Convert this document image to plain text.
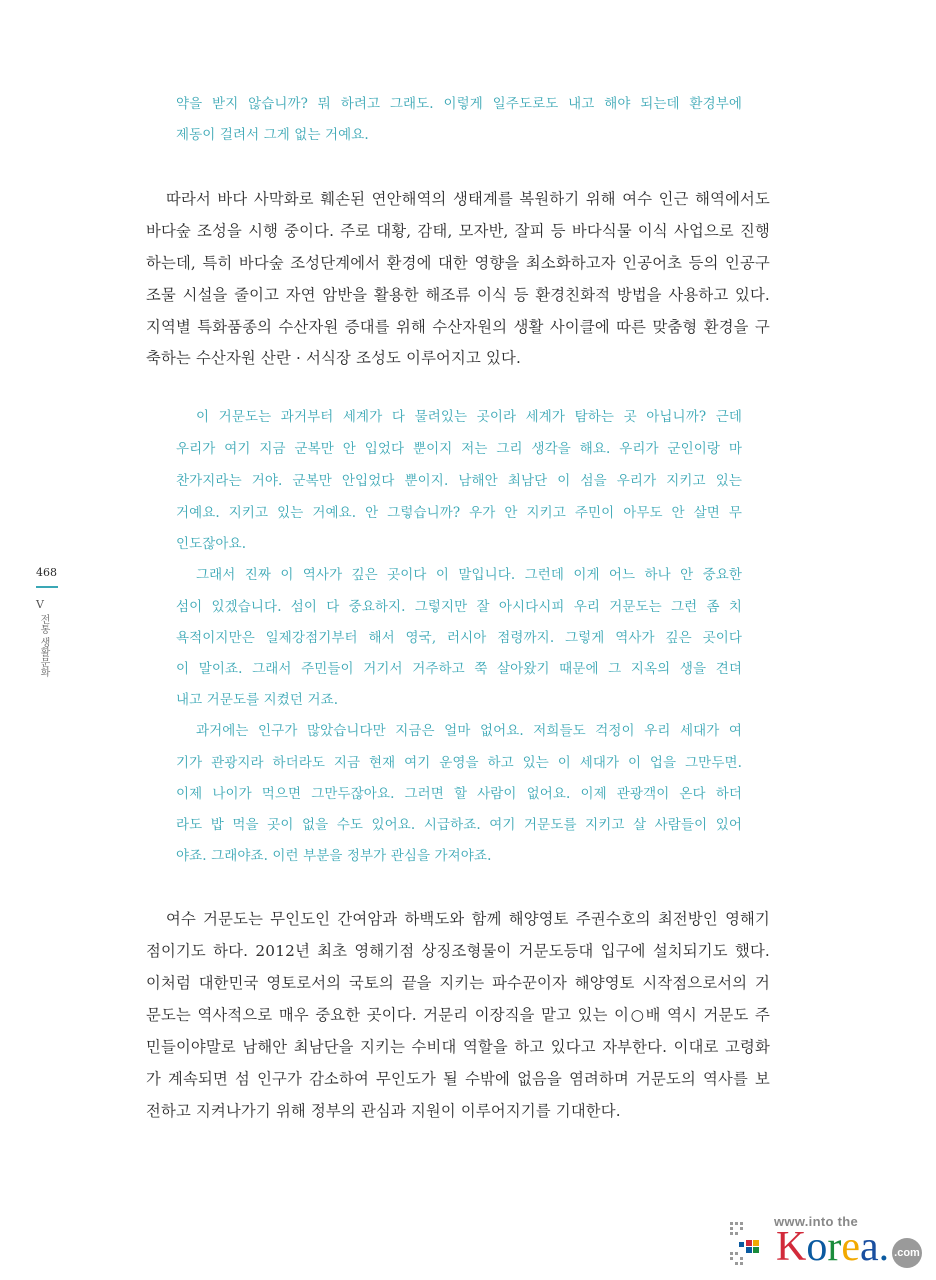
약을 받지 않습니까? 뭐 하려고 그래도. 이렇게 일주도로도 내고 해야 되는데 환경부에
제동이 걸려서 그게 없는 거예요.
따라서 바다 사막화로 훼손된 연안해역의 생태계를 복원하기 위해 여수 인근 해역에서도
바다숲 조성을 시행 중이다. 주로 대황, 감태, 모자반, 잘피 등 바다식물 이식 사업으로 진행
하는데, 특히 바다숲 조성단계에서 환경에 대한 영향을 최소화하고자 인공어초 등의 인공구
조물 시설을 줄이고 자연 암반을 활용한 해조류 이식 등 환경친화적 방법을 사용하고 있다.
지역별 특화품종의 수산자원 증대를 위해 수산자원의 생활 사이클에 따른 맞춤형 환경을 구
축하는 수산자원 산란 · 서식장 조성도 이루어지고 있다.
이 거문도는 과거부터 세계가 다 물려있는 곳이라 세계가 탐하는 곳 아닙니까? 근데
우리가 여기 지금 군복만 안 입었다 뿐이지 저는 그리 생각을 해요. 우리가 군인이랑 마
찬가지라는 거야. 군복만 안입었다 뿐이지. 남해안 최남단 이 섬을 우리가 지키고 있는
거예요. 지키고 있는 거예요. 안 그렇습니까? 우가 안 지키고 주민이 아무도 안 살면 무
인도잖아요.
그래서 진짜 이 역사가 깊은 곳이다 이 말입니다. 그런데 이게 어느 하나 안 중요한
섬이 있겠습니다. 섬이 다 중요하지. 그렇지만 잘 아시다시피 우리 거문도는 그런 좀 치
욕적이지만은 일제강점기부터 해서 영국, 러시아 점령까지. 그렇게 역사가 깊은 곳이다
이 말이죠. 그래서 주민들이 거기서 거주하고 쭉 살아왔기 때문에 그 지옥의 생을 견뎌
내고 거문도를 지켰던 거죠.
과거에는 인구가 많았습니다만 지금은 얼마 없어요. 저희들도 걱정이 우리 세대가 여
기가 관광지라 하더라도 지금 현재 여기 운영을 하고 있는 이 세대가 이 업을 그만두면.
이제 나이가 먹으면 그만두잖아요. 그러면 할 사람이 없어요. 이제 관광객이 온다 하더
라도 밥 먹을 곳이 없을 수도 있어요. 시급하죠. 여기 거문도를 지키고 살 사람들이 있어
야죠. 그래야죠. 이런 부분을 정부가 관심을 가져야죠.
여수 거문도는 무인도인 간여암과 하백도와 함께 해양영토 주권수호의 최전방인 영해기
점이기도 하다. 2012년 최초 영해기점 상징조형물이 거문도등대 입구에 설치되기도 했다.
이처럼 대한민국 영토로서의 국토의 끝을 지키는 파수꾼이자 해양영토 시작점으로서의 거
문도는 역사적으로 매우 중요한 곳이다. 거문리 이장직을 맡고 있는 이○배 역시 거문도 주
민들이야말로 남해안 최남단을 지키는 수비대 역할을 하고 있다고 자부한다. 이대로 고령화
가 계속되면 섬 인구가 감소하여 무인도가 될 수밖에 없음을 염려하며 거문도의 역사를 보
전하고 지켜나가기 위해 정부의 관심과 지원이 이루어지기를 기대한다.
468
V
전통 생활문화
www.into the
Korea. .com
